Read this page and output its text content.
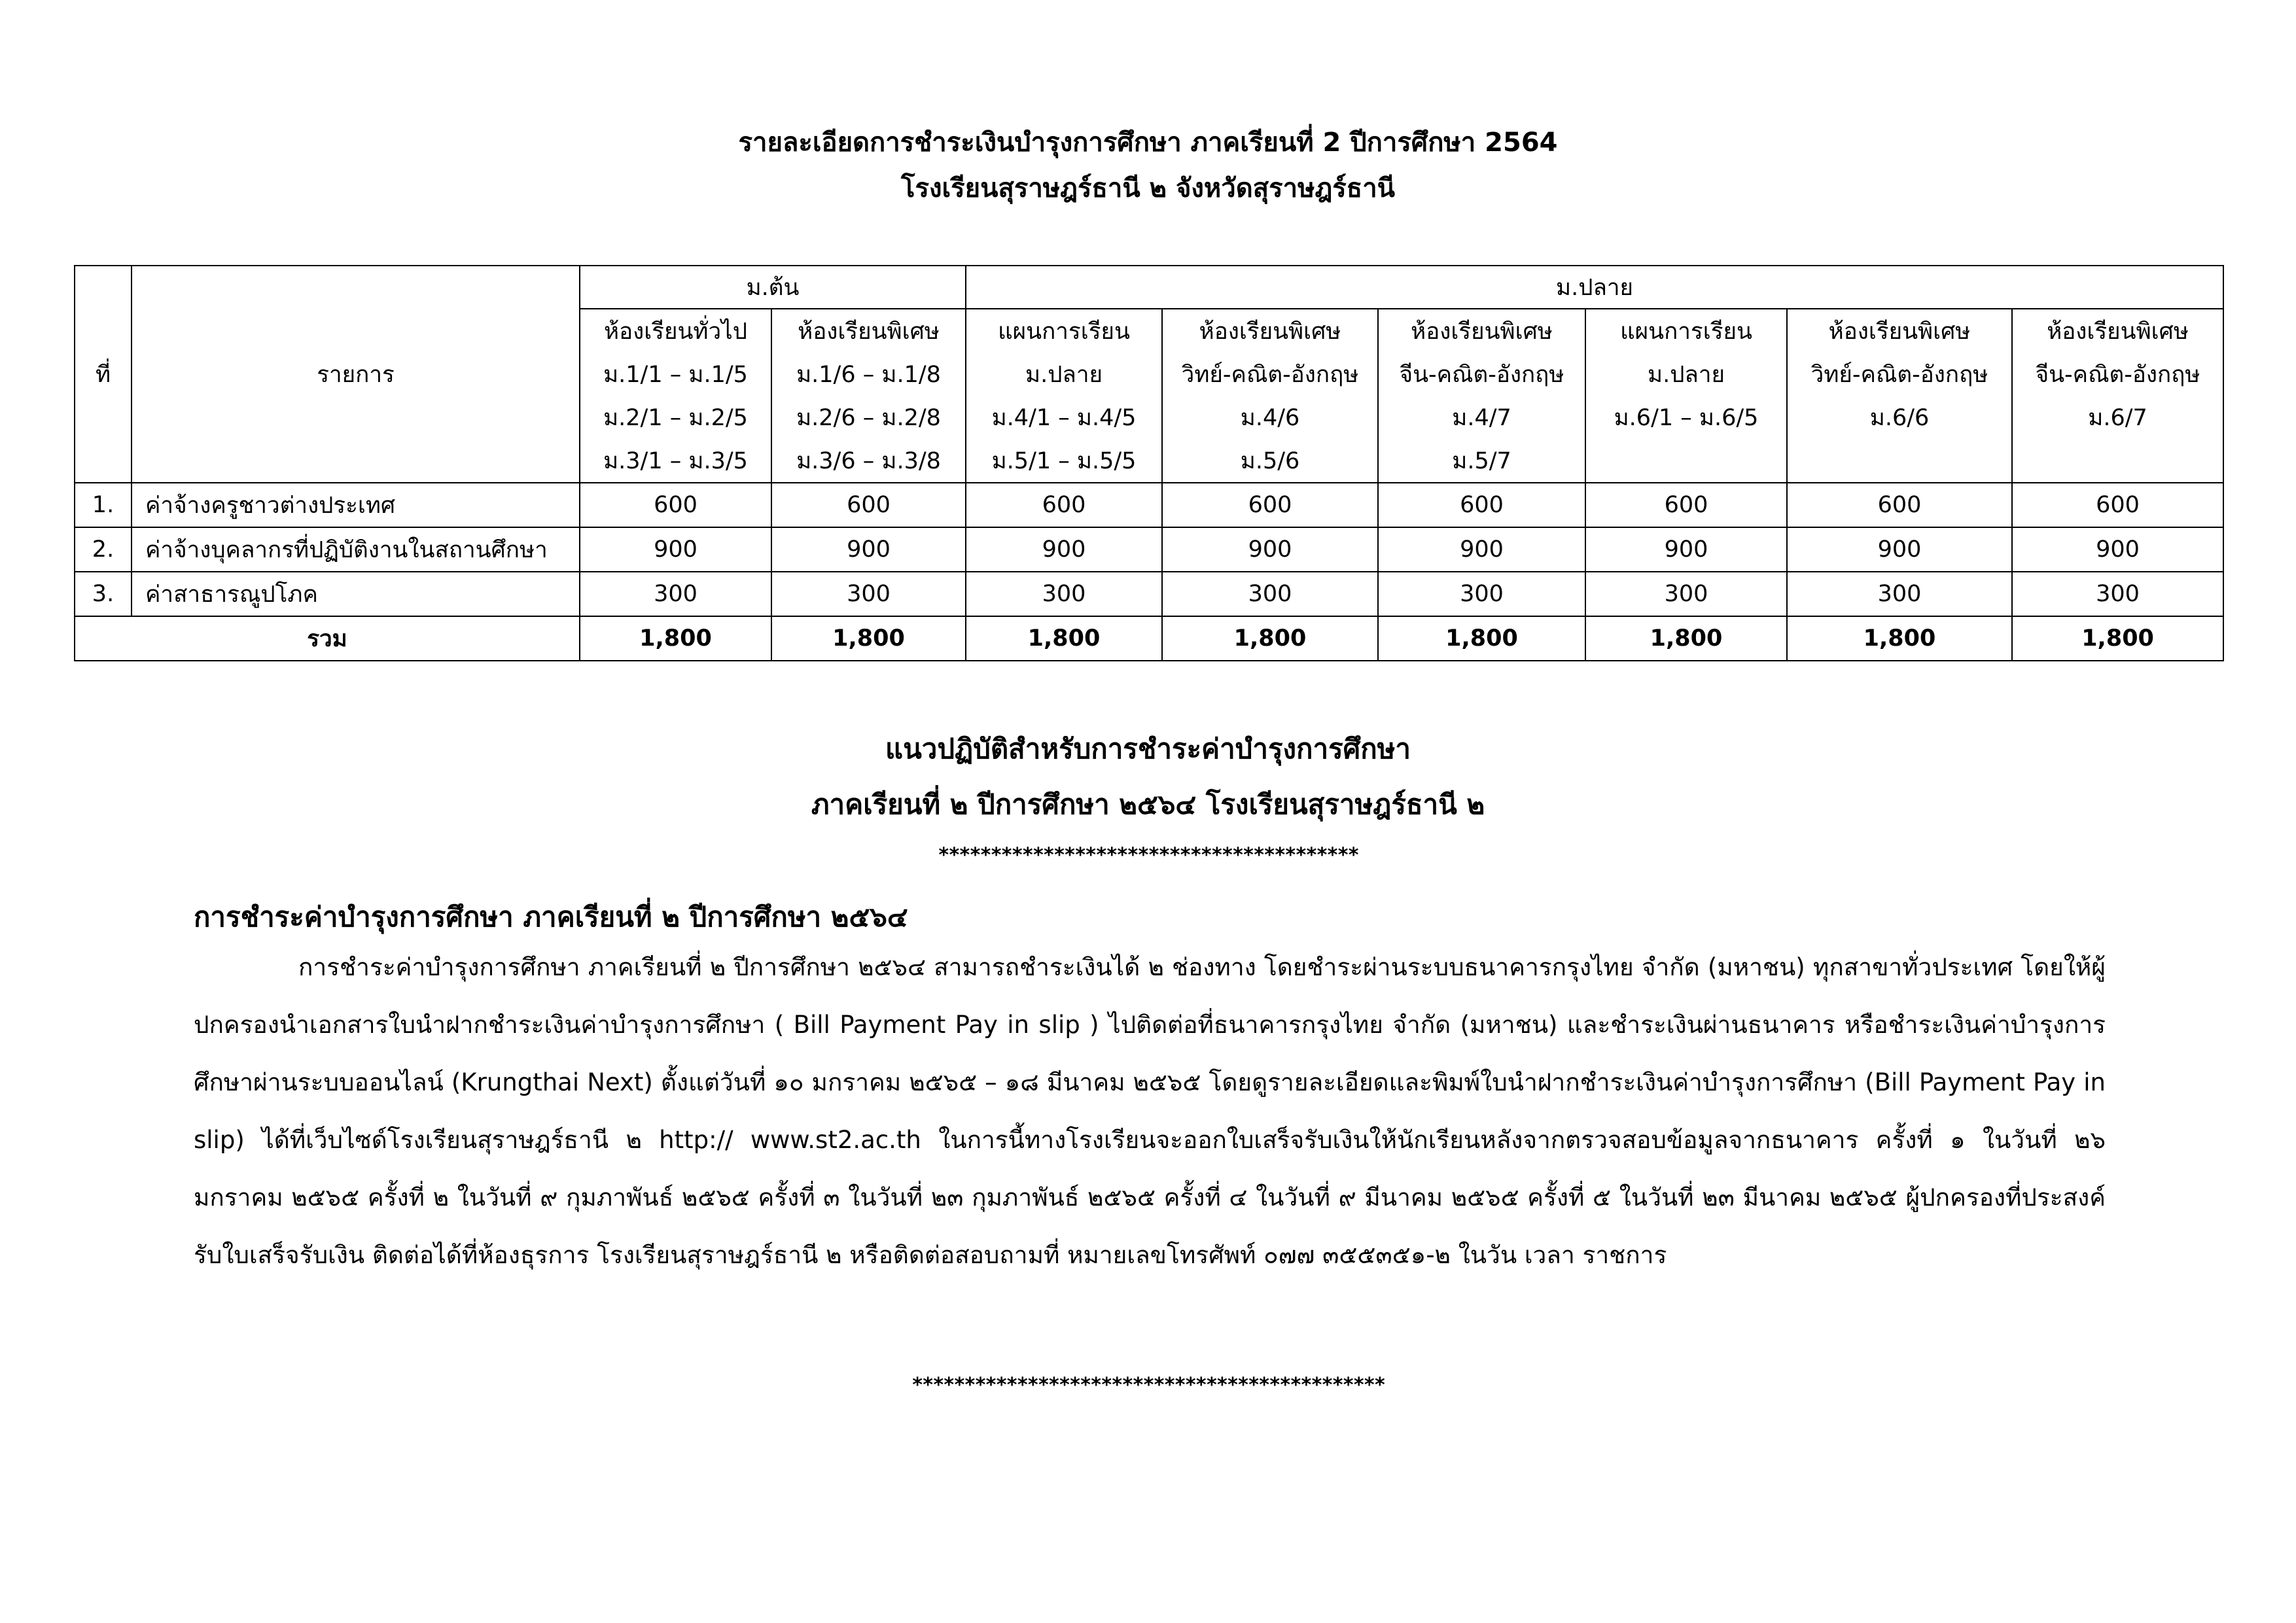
รายละเอียดการชำระเงินบำรุงการศึกษา ภาคเรียนที่ 2 ปีการศึกษา 2564
โรงเรียนสุราษฎร์ธานี ๒ จังหวัดสุราษฎร์ธานี
ที่	รายการ	ม.ต้น		ม.ปลาย					
		ห้องเรียนทั่วไป	ห้องเรียนพิเศษ	แผนการเรียน	ห้องเรียนพิเศษ	ห้องเรียนพิเศษ	แผนการเรียน	ห้องเรียนพิเศษ	ห้องเรียนพิเศษ
		ม.1/1 – ม.1/5	ม.1/6 – ม.1/8	ม.ปลาย	วิทย์-คณิต-อังกฤษ	จีน-คณิต-อังกฤษ	ม.ปลาย	วิทย์-คณิต-อังกฤษ	จีน-คณิต-อังกฤษ
		ม.2/1 – ม.2/5	ม.2/6 – ม.2/8	ม.4/1 – ม.4/5	ม.4/6	ม.4/7	ม.6/1 – ม.6/5	ม.6/6	ม.6/7
		ม.3/1 – ม.3/5	ม.3/6 – ม.3/8	ม.5/1 – ม.5/5	ม.5/6	ม.5/7			
1.	ค่าจ้างครูชาวต่างประเทศ	600	600	600	600	600	600	600	600
2.	ค่าจ้างบุคลากรที่ปฏิบัติงานในสถานศึกษา	900	900	900	900	900	900	900	900
3.	ค่าสาธารณูปโภค	300	300	300	300	300	300	300	300
รวม		1,800	1,800	1,800	1,800	1,800	1,800	1,800	1,800
แนวปฏิบัติสำหรับการชำระค่าบำรุงการศึกษา
ภาคเรียนที่ ๒ ปีการศึกษา ๒๕๖๔ โรงเรียนสุราษฎร์ธานี ๒
****************************************
การชำระค่าบำรุงการศึกษา ภาคเรียนที่ ๒ ปีการศึกษา ๒๕๖๔
การชำระค่าบำรุงการศึกษา ภาคเรียนที่ ๒ ปีการศึกษา ๒๕๖๔ สามารถชำระเงินได้ ๒ ช่องทาง โดยชำระผ่านระบบธนาคารกรุงไทย จำกัด (มหาชน) ทุกสาขาทั่วประเทศ โดยให้ผู้ปกครองนำเอกสารใบนำฝากชำระเงินค่าบำรุงการศึกษา ( Bill Payment Pay in slip ) ไปติดต่อที่ธนาคารกรุงไทย จำกัด (มหาชน) และชำระเงินผ่านธนาคาร หรือชำระเงินค่าบำรุงการศึกษาผ่านระบบออนไลน์ (Krungthai Next) ตั้งแต่วันที่ ๑๐ มกราคม ๒๕๖๕ – ๑๘ มีนาคม ๒๕๖๕ โดยดูรายละเอียดและพิมพ์ใบนำฝากชำระเงินค่าบำรุงการศึกษา (Bill Payment Pay in slip) ได้ที่เว็บไซด์โรงเรียนสุราษฎร์ธานี ๒ http:// www.st2.ac.th ในการนี้ทางโรงเรียนจะออกใบเสร็จรับเงินให้นักเรียนหลังจากตรวจสอบข้อมูลจากธนาคาร ครั้งที่ ๑ ในวันที่ ๒๖ มกราคม ๒๕๖๕ ครั้งที่ ๒ ในวันที่ ๙ กุมภาพันธ์ ๒๕๖๕ ครั้งที่ ๓ ในวันที่ ๒๓ กุมภาพันธ์ ๒๕๖๕ ครั้งที่ ๔ ในวันที่ ๙ มีนาคม ๒๕๖๕ ครั้งที่ ๕ ในวันที่ ๒๓ มีนาคม ๒๕๖๕ ผู้ปกครองที่ประสงค์รับใบเสร็จรับเงิน ติดต่อได้ที่ห้องธุรการ โรงเรียนสุราษฎร์ธานี ๒ หรือติดต่อสอบถามที่ หมายเลขโทรศัพท์ ๐๗๗ ๓๕๕๓๕๑-๒ ในวัน เวลา ราชการ
*********************************************
